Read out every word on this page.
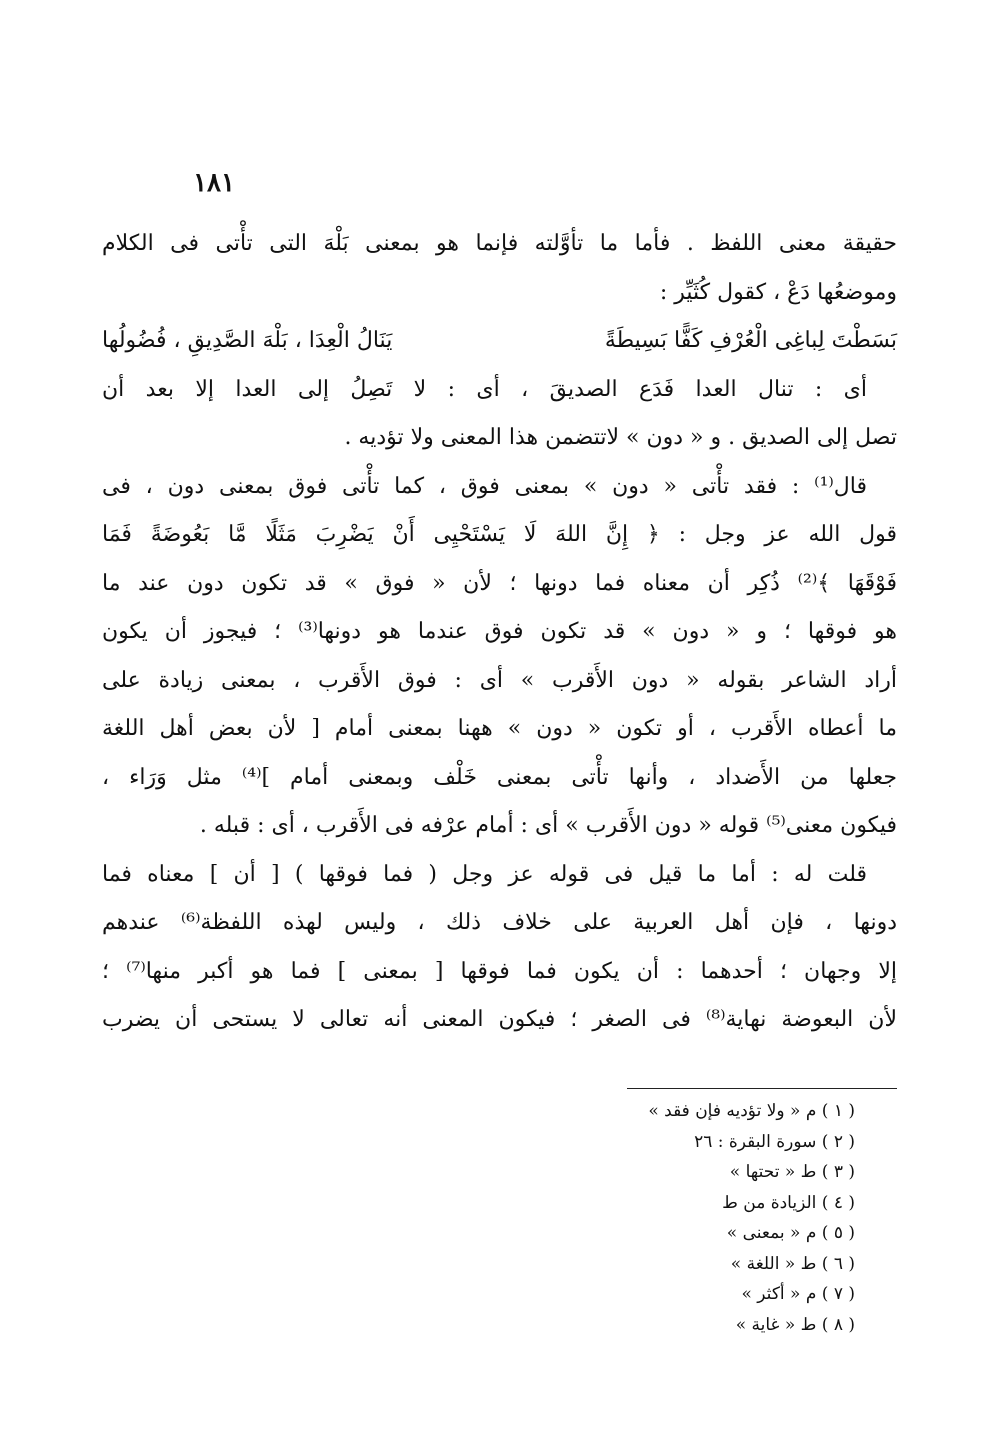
١٨١
حقيقة معنى اللفظ . فأما ما تأوَّلته فإنما هو بمعنى بَلْهَ التى تأْتى فى الكلام
وموضعُها دَعْ ، كقول كُثَيِّر :
بَسَطْتَ لِباغِى الْعُرْفِ كَفًّا بَسِيطَةً
يَنَالُ الْعِدَا ، بَلْهَ الصَّدِيقِ ، فُضُولُها
أى : تنال العدا فَدَع الصديقَ ، أى : لا تَصِلُ إلى العدا إلا بعد أن
تصل إلى الصديق . و « دون » لاتتضمن هذا المعنى ولا تؤديه .
قال⁽¹⁾ : فقد تأْتى « دون » بمعنى فوق ، كما تأْتى فوق بمعنى دون ، فى
قول الله عز وجل : ﴿ إِنَّ اللهَ لَا يَسْتَحْيِى أَنْ يَضْرِبَ مَثَلًا مَّا بَعُوضَةً فَمَا
فَوْقَهَا ﴾⁽²⁾ ذُكِر أن معناه فما دونها ؛ لأن « فوق » قد تكون دون عند ما
هو فوقها ؛ و « دون » قد تكون فوق عندما هو دونها⁽³⁾ ؛ فيجوز أن يكون
أراد الشاعر بقوله « دون الأَقرب » أى : فوق الأَقرب ، بمعنى زيادة على
ما أعطاه الأَقرب ، أو تكون « دون » ههنا بمعنى أمام [ لأن بعض أهل اللغة
جعلها من الأَضداد ، وأنها تأْتى بمعنى خَلْف وبمعنى أمام ]⁽⁴⁾ مثل وَرَاء ،
فيكون معنى⁽⁵⁾ قوله « دون الأَقرب » أى : أمام عرْفه فى الأَقرب ، أى : قبله .
قلت له : أما ما قيل فى قوله عز وجل ( فما فوقها ) [ أن ] معناه فما
دونها ، فإن أهل العربية على خلاف ذلك ، وليس لهذه اللفظة⁽⁶⁾ عندهم
إلا وجهان ؛ أحدهما : أن يكون فما فوقها [ بمعنى ] فما هو أكبر منها⁽⁷⁾ ؛
لأن البعوضة نهاية⁽⁸⁾ فى الصغر ؛ فيكون المعنى أنه تعالى لا يستحى أن يضرب
( ١ ) م « ولا تؤديه فإن فقد »
( ٢ ) سورة البقرة : ٢٦
( ٣ ) ط « تحتها »
( ٤ ) الزيادة من ط
( ٥ ) م « بمعنى »
( ٦ ) ط « اللغة »
( ٧ ) م « أكثر »
( ٨ ) ط « غاية »
